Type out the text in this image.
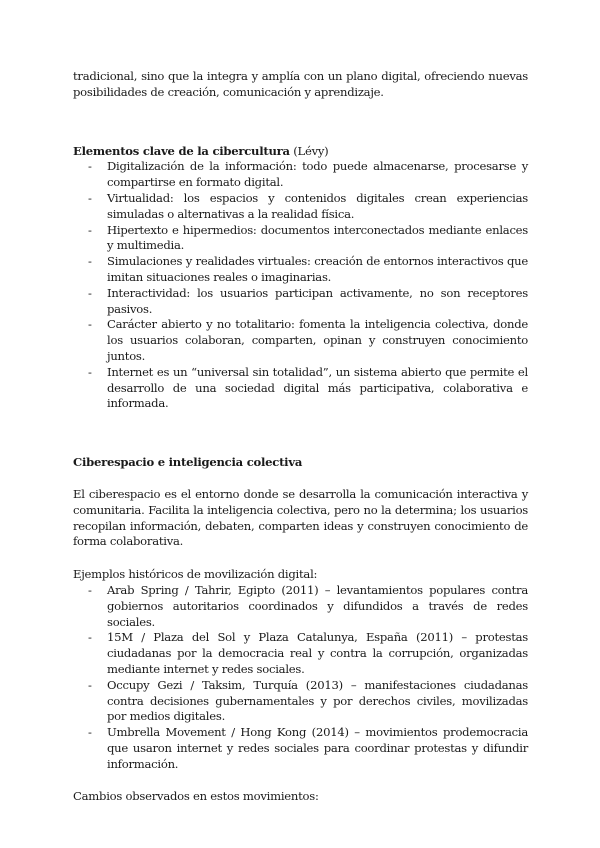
tradicional, sino que la integra y amplía con un plano digital, ofreciendo nuevas posibilidades de creación, comunicación y aprendizaje.

Elementos clave de la cibercultura (Lévy)
- Digitalización de la información: todo puede almacenarse, procesarse y compartirse en formato digital.
- Virtualidad: los espacios y contenidos digitales crean experiencias simuladas o alternativas a la realidad física.
- Hipertexto e hipermedios: documentos interconectados mediante enlaces y multimedia.
- Simulaciones y realidades virtuales: creación de entornos interactivos que imitan situaciones reales o imaginarias.
- Interactividad: los usuarios participan activamente, no son receptores pasivos.
- Carácter abierto y no totalitario: fomenta la inteligencia colectiva, donde los usuarios colaboran, comparten, opinan y construyen conocimiento juntos.
- Internet es un “universal sin totalidad”, un sistema abierto que permite el desarrollo de una sociedad digital más participativa, colaborativa e informada.
Ciberespacio e inteligencia colectiva

El ciberespacio es el entorno donde se desarrolla la comunicación interactiva y comunitaria. Facilita la inteligencia colectiva, pero no la determina; los usuarios recopilan información, debaten, comparten ideas y construyen conocimiento de forma colaborativa.

Ejemplos históricos de movilización digital:

- Arab Spring / Tahrir, Egipto (2011) – levantamientos populares contra gobiernos autoritarios coordinados y difundidos a través de redes sociales.
- 15M / Plaza del Sol y Plaza Catalunya, España (2011) – protestas ciudadanas por la democracia real y contra la corrupción, organizadas mediante internet y redes sociales.
- Occupy Gezi / Taksim, Turquía (2013) – manifestaciones ciudadanas contra decisiones gubernamentales y por derechos civiles, movilizadas por medios digitales.
- Umbrella Movement / Hong Kong (2014) – movimientos prodemocracia que usaron internet y redes sociales para coordinar protestas y difundir información.

Cambios observados en estos movimientos:
